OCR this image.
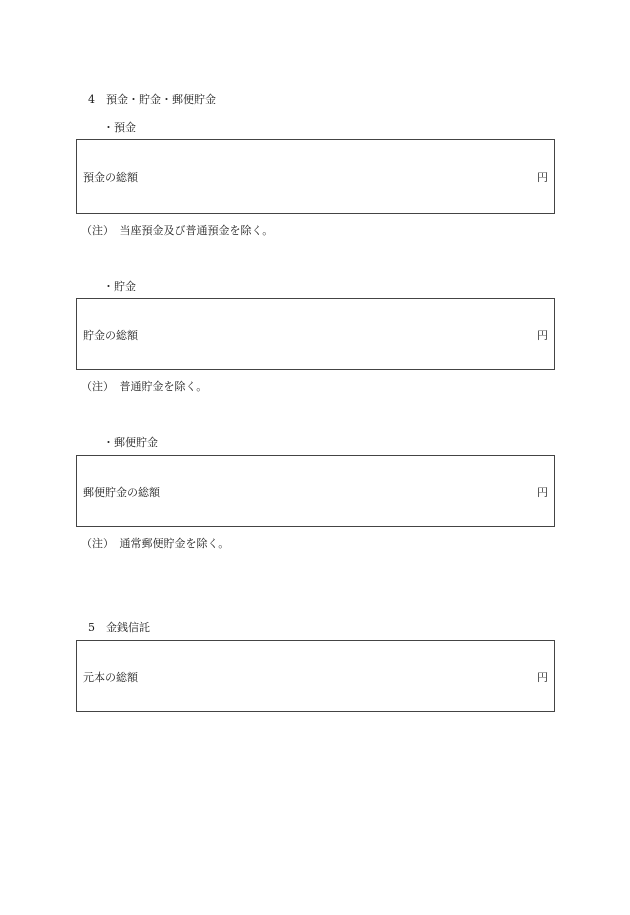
4　預金・貯金・郵便貯金
・預金
預金の総額	円
（注）　当座預金及び普通預金を除く。
・貯金
貯金の総額	円
（注）　普通貯金を除く。
・郵便貯金
郵便貯金の総額	円
（注）　通常郵便貯金を除く。
5　金銭信託
元本の総額	円
